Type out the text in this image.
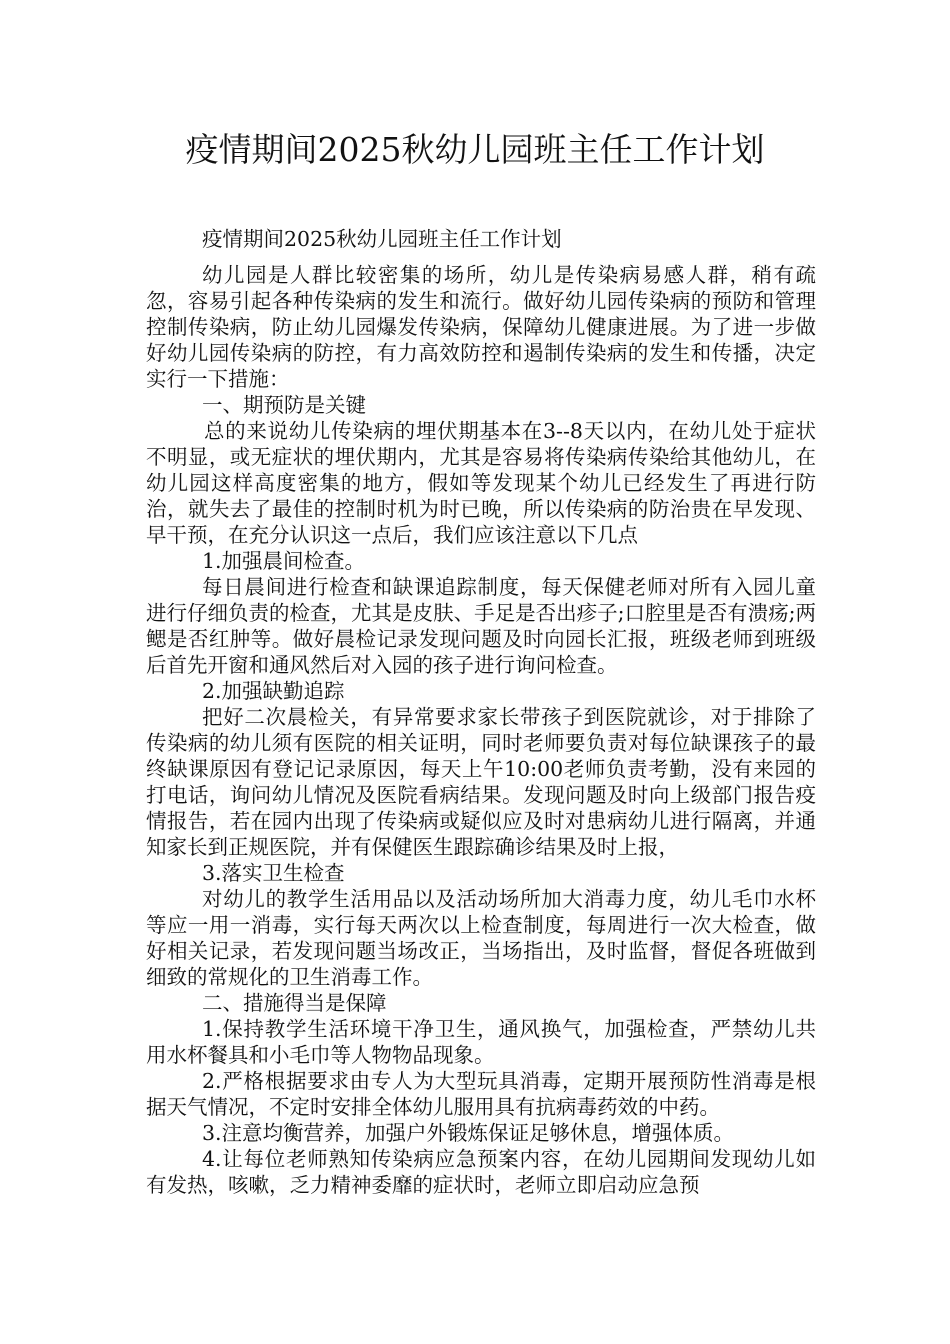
疫情期间2025秋幼儿园班主任工作计划
疫情期间2025秋幼儿园班主任工作计划

幼儿园是人群比较密集的场所，幼儿是传染病易感人群，稍有疏忽，容易引起各种传染病的发生和流行。做好幼儿园传染病的预防和管理控制传染病，防止幼儿园爆发传染病，保障幼儿健康进展。为了进一步做好幼儿园传染病的防控，有力高效防控和遏制传染病的发生和传播，决定实行一下措施：

一、期预防是关键

总的来说幼儿传染病的埋伏期基本在3--8天以内，在幼儿处于症状不明显，或无症状的埋伏期内，尤其是容易将传染病传染给其他幼儿，在幼儿园这样高度密集的地方，假如等发现某个幼儿已经发生了再进行防治，就失去了最佳的控制时机为时已晚，所以传染病的防治贵在早发现、早干预，在充分认识这一点后，我们应该注意以下几点

1.加强晨间检查。

每日晨间进行检查和缺课追踪制度，每天保健老师对所有入园儿童进行仔细负责的检查，尤其是皮肤、手足是否出疹子;口腔里是否有溃疡;两鳃是否红肿等。做好晨检记录发现问题及时向园长汇报，班级老师到班级后首先开窗和通风然后对入园的孩子进行询问检查。

2.加强缺勤追踪

把好二次晨检关，有异常要求家长带孩子到医院就诊，对于排除了传染病的幼儿须有医院的相关证明，同时老师要负责对每位缺课孩子的最终缺课原因有登记记录原因，每天上午10:00老师负责考勤，没有来园的打电话，询问幼儿情况及医院看病结果。发现问题及时向上级部门报告疫情报告，若在园内出现了传染病或疑似应及时对患病幼儿进行隔离，并通知家长到正规医院，并有保健医生跟踪确诊结果及时上报，

3.落实卫生检查

对幼儿的教学生活用品以及活动场所加大消毒力度，幼儿毛巾水杯等应一用一消毒，实行每天两次以上检查制度，每周进行一次大检查，做好相关记录，若发现问题当场改正，当场指出，及时监督，督促各班做到细致的常规化的卫生消毒工作。

二、措施得当是保障

1.保持教学生活环境干净卫生，通风换气，加强检查，严禁幼儿共用水杯餐具和小毛巾等人物物品现象。

2.严格根据要求由专人为大型玩具消毒，定期开展预防性消毒是根据天气情况，不定时安排全体幼儿服用具有抗病毒药效的中药。

3.注意均衡营养，加强户外锻炼保证足够休息，增强体质。

4.让每位老师熟知传染病应急预案内容，在幼儿园期间发现幼儿如有发热，咳嗽，乏力精神委靡的症状时，老师立即启动应急预
